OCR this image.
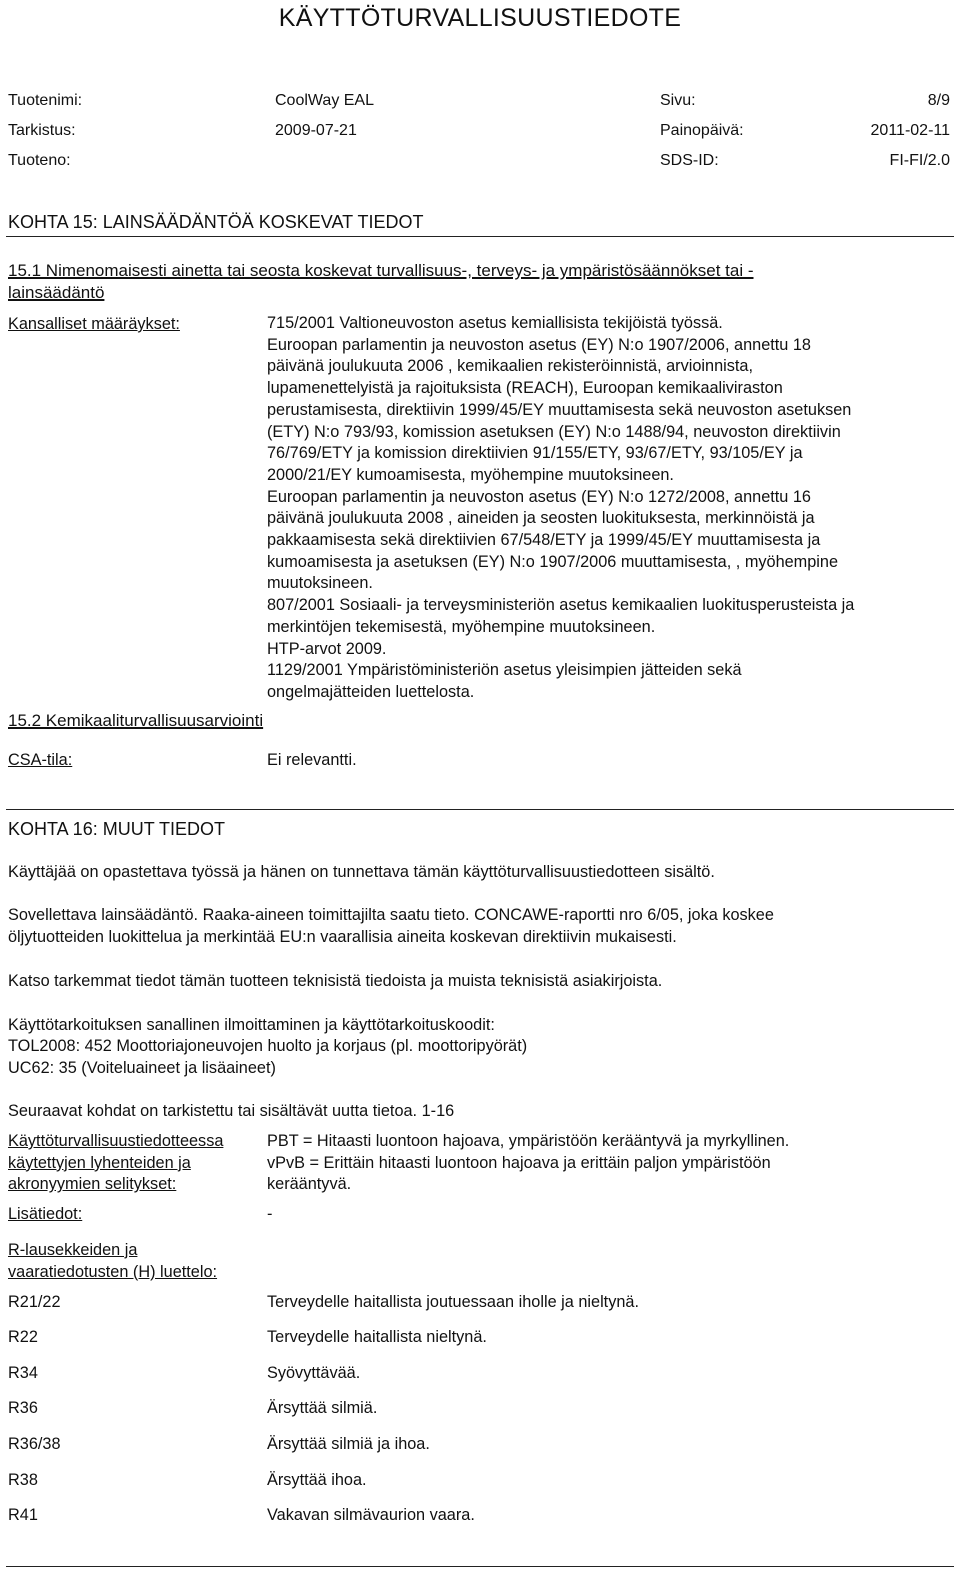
KÄYTTÖTURVALLISUUSTIEDOTE
Tuotenimi:	CoolWay EAL	Sivu:	8/9
Tarkistus:	2009-07-21	Painopäivä:	2011-02-11
Tuoteno:	SDS-ID:	FI-FI/2.0
KOHTA 15: LAINSÄÄDÄNTÖÄ KOSKEVAT TIEDOT
15.1 Nimenomaisesti ainetta tai seosta koskevat turvallisuus-, terveys- ja ympäristösäännökset tai -
lainsäädäntö
Kansalliset määräykset:	715/2001 Valtioneuvoston asetus kemiallisista tekijöistä työssä.
Euroopan parlamentin ja neuvoston asetus (EY) N:o 1907/2006, annettu 18
päivänä joulukuuta 2006 , kemikaalien rekisteröinnistä, arvioinnista,
lupamenettelyistä ja rajoituksista (REACH), Euroopan kemikaaliviraston
perustamisesta, direktiivin 1999/45/EY muuttamisesta sekä neuvoston asetuksen
(ETY) N:o 793/93, komission asetuksen (EY) N:o 1488/94, neuvoston direktiivin
76/769/ETY ja komission direktiivien 91/155/ETY, 93/67/ETY, 93/105/EY ja
2000/21/EY kumoamisesta, myöhempine muutoksineen.
Euroopan parlamentin ja neuvoston asetus (EY) N:o 1272/2008, annettu 16
päivänä joulukuuta 2008 , aineiden ja seosten luokituksesta, merkinnöistä ja
pakkaamisesta sekä direktiivien 67/548/ETY ja 1999/45/EY muuttamisesta ja
kumoamisesta ja asetuksen (EY) N:o 1907/2006 muuttamisesta, , myöhempine
muutoksineen.
807/2001 Sosiaali- ja terveysministeriön asetus kemikaalien luokitusperusteista ja
merkintöjen tekemisestä, myöhempine muutoksineen.
HTP-arvot 2009.
1129/2001 Ympäristöministeriön asetus yleisimpien jätteiden sekä
ongelmajätteiden luettelosta.
15.2 Kemikaaliturvallisuusarviointi
CSA-tila:	Ei relevantti.
KOHTA 16: MUUT TIEDOT
Käyttäjää on opastettava työssä ja hänen on tunnettava tämän käyttöturvallisuustiedotteen sisältö.
Sovellettava lainsäädäntö. Raaka-aineen toimittajilta saatu tieto. CONCAWE-raportti nro 6/05, joka koskee
öljytuotteiden luokittelua ja merkintää EU:n vaarallisia aineita koskevan direktiivin mukaisesti.
Katso tarkemmat tiedot tämän tuotteen teknisistä tiedoista ja muista teknisistä asiakirjoista.
Käyttötarkoituksen sanallinen ilmoittaminen ja käyttötarkoituskoodit:
TOL2008: 452 Moottoriajoneuvojen huolto ja korjaus (pl. moottoripyörät)
UC62: 35 (Voiteluaineet ja lisäaineet)
Seuraavat kohdat on tarkistettu tai sisältävät uutta tietoa. 1-16
Käyttöturvallisuustiedotteessa
käytettyjen lyhenteiden ja
akronyymien selitykset:
PBT = Hitaasti luontoon hajoava, ympäristöön kerääntyvä ja myrkyllinen.
vPvB = Erittäin hitaasti luontoon hajoava ja erittäin paljon ympäristöön
kerääntyvä.
Lisätiedot:	-
R-lausekkeiden ja
vaaratiedotusten (H) luettelo:
R21/22	Terveydelle haitallista joutuessaan iholle ja nieltynä.
R22	Terveydelle haitallista nieltynä.
R34	Syövyttävää.
R36	Ärsyttää silmiä.
R36/38	Ärsyttää silmiä ja ihoa.
R38	Ärsyttää ihoa.
R41	Vakavan silmävaurion vaara.
